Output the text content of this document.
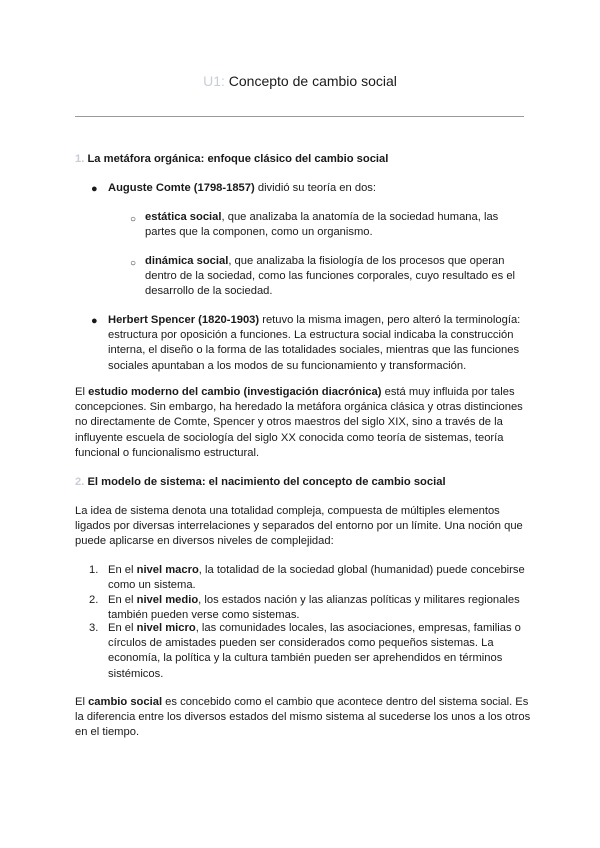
U1: Concepto de cambio social
1. La metáfora orgánica: enfoque clásico del cambio social
● Auguste Comte (1798-1857) dividió su teoría en dos:
○ estática social, que analizaba la anatomía de la sociedad humana, las
partes que la componen, como un organismo.
○ dinámica social, que analizaba la fisiología de los procesos que operan
dentro de la sociedad, como las funciones corporales, cuyo resultado es el
desarrollo de la sociedad.
● Herbert Spencer (1820-1903) retuvo la misma imagen, pero alteró la terminología:
estructura por oposición a funciones. La estructura social indicaba la construcción
interna, el diseño o la forma de las totalidades sociales, mientras que las funciones
sociales apuntaban a los modos de su funcionamiento y transformación.
El estudio moderno del cambio (investigación diacrónica) está muy influida por tales
concepciones. Sin embargo, ha heredado la metáfora orgánica clásica y otras distinciones
no directamente de Comte, Spencer y otros maestros del siglo XIX, sino a través de la
influyente escuela de sociología del siglo XX conocida como teoría de sistemas, teoría
funcional o funcionalismo estructural.
2. El modelo de sistema: el nacimiento del concepto de cambio social
La idea de sistema denota una totalidad compleja, compuesta de múltiples elementos
ligados por diversas interrelaciones y separados del entorno por un límite. Una noción que
puede aplicarse en diversos niveles de complejidad:
1. En el nivel macro, la totalidad de la sociedad global (humanidad) puede concebirse
como un sistema.
2. En el nivel medio, los estados nación y las alianzas políticas y militares regionales
también pueden verse como sistemas.
3. En el nivel micro, las comunidades locales, las asociaciones, empresas, familias o
círculos de amistades pueden ser considerados como pequeños sistemas. La
economía, la política y la cultura también pueden ser aprehendidos en términos
sistémicos.
El cambio social es concebido como el cambio que acontece dentro del sistema social. Es
la diferencia entre los diversos estados del mismo sistema al sucederse los unos a los otros
en el tiempo.
